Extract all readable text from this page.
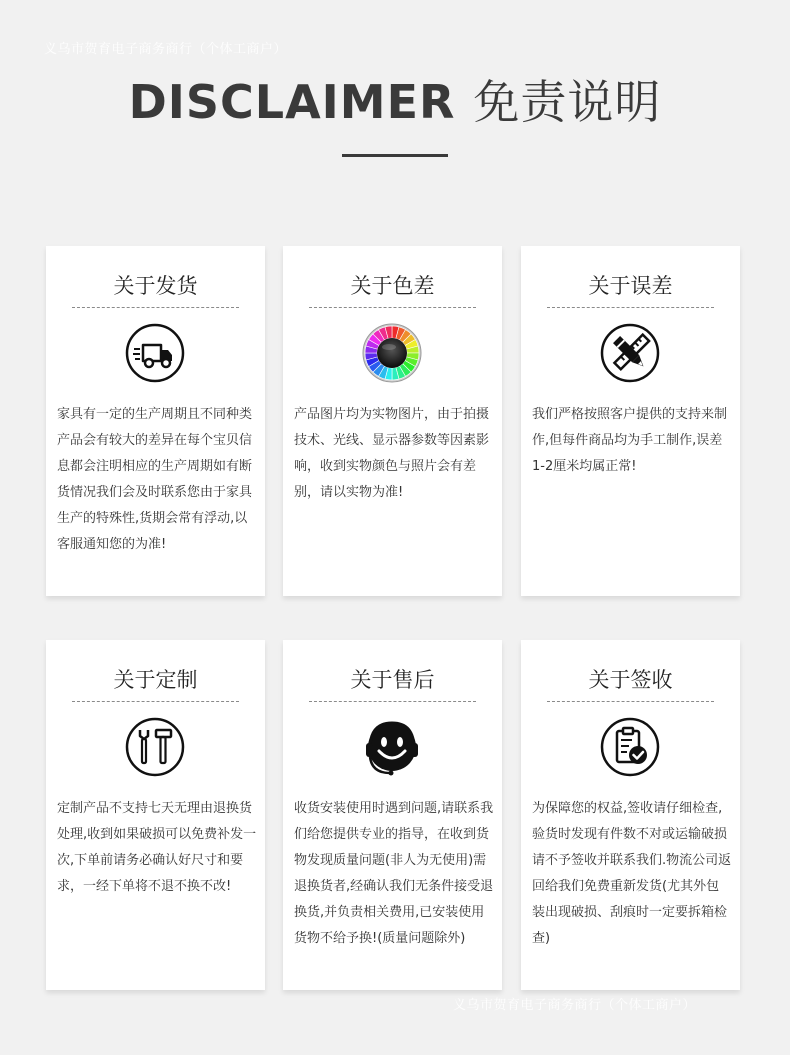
义乌市贺育电子商务商行（个体工商户）
DISCLAIMER 免责说明
关于发货
家具有一定的生产周期且不同种类产品会有较大的差异在每个宝贝信息都会注明相应的生产周期如有断货情况我们会及时联系您由于家具生产的特殊性,货期会常有浮动,以客服通知您的为准!
关于色差
产品图片均为实物图片，由于拍摄技术、光线、显示器参数等因素影响，收到实物颜色与照片会有差别，请以实物为准!
关于误差
我们严格按照客户提供的支持来制作,但每件商品均为手工制作,误差1-2厘米均属正常!
关于定制
定制产品不支持七天无理由退换货处理,收到如果破损可以免费补发一次,下单前请务必确认好尺寸和要求，一经下单将不退不换不改!
关于售后
收货安装使用时遇到问题,请联系我们给您提供专业的指导，在收到货物发现质量问题(非人为无使用)需退换货者,经确认我们无条件接受退换货,并负责相关费用,已安装使用货物不给予换!(质量问题除外)
关于签收
为保障您的权益,签收请仔细检查,验货时发现有件数不对或运输破损请不予签收并联系我们.物流公司返回给我们免费重新发货(尤其外包装出现破损、刮痕时一定要拆箱检查)
义乌市贺育电子商务商行（个体工商户）
